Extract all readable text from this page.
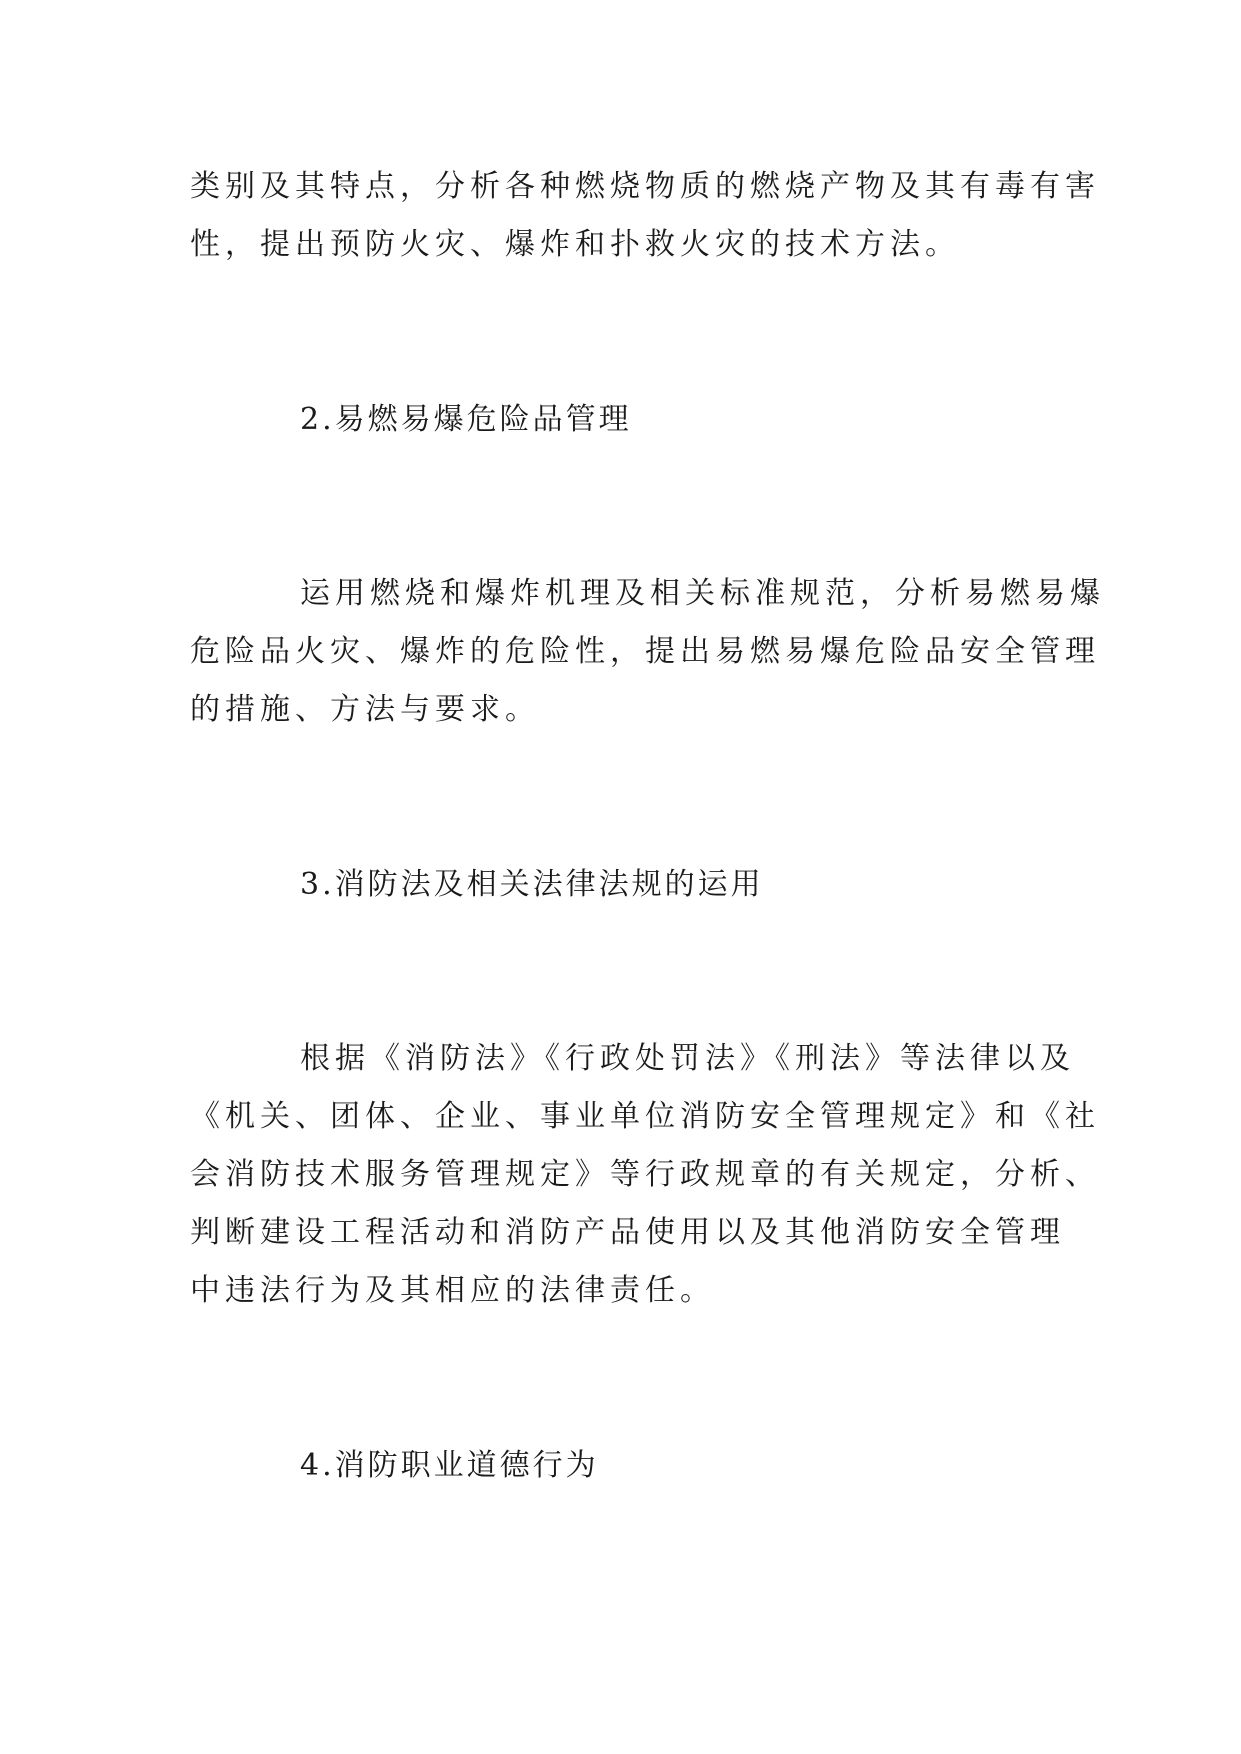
类别及其特点，分析各种燃烧物质的燃烧产物及其有毒有害
性，提出预防火灾、爆炸和扑救火灾的技术方法。
2.易燃易爆危险品管理
运用燃烧和爆炸机理及相关标准规范，分析易燃易爆
危险品火灾、爆炸的危险性，提出易燃易爆危险品安全管理
的措施、方法与要求。
3.消防法及相关法律法规的运用
根据《消防法》《行政处罚法》《刑法》等法律以及
《机关、团体、企业、事业单位消防安全管理规定》和《社
会消防技术服务管理规定》等行政规章的有关规定，分析、
判断建设工程活动和消防产品使用以及其他消防安全管理
中违法行为及其相应的法律责任。
4.消防职业道德行为
